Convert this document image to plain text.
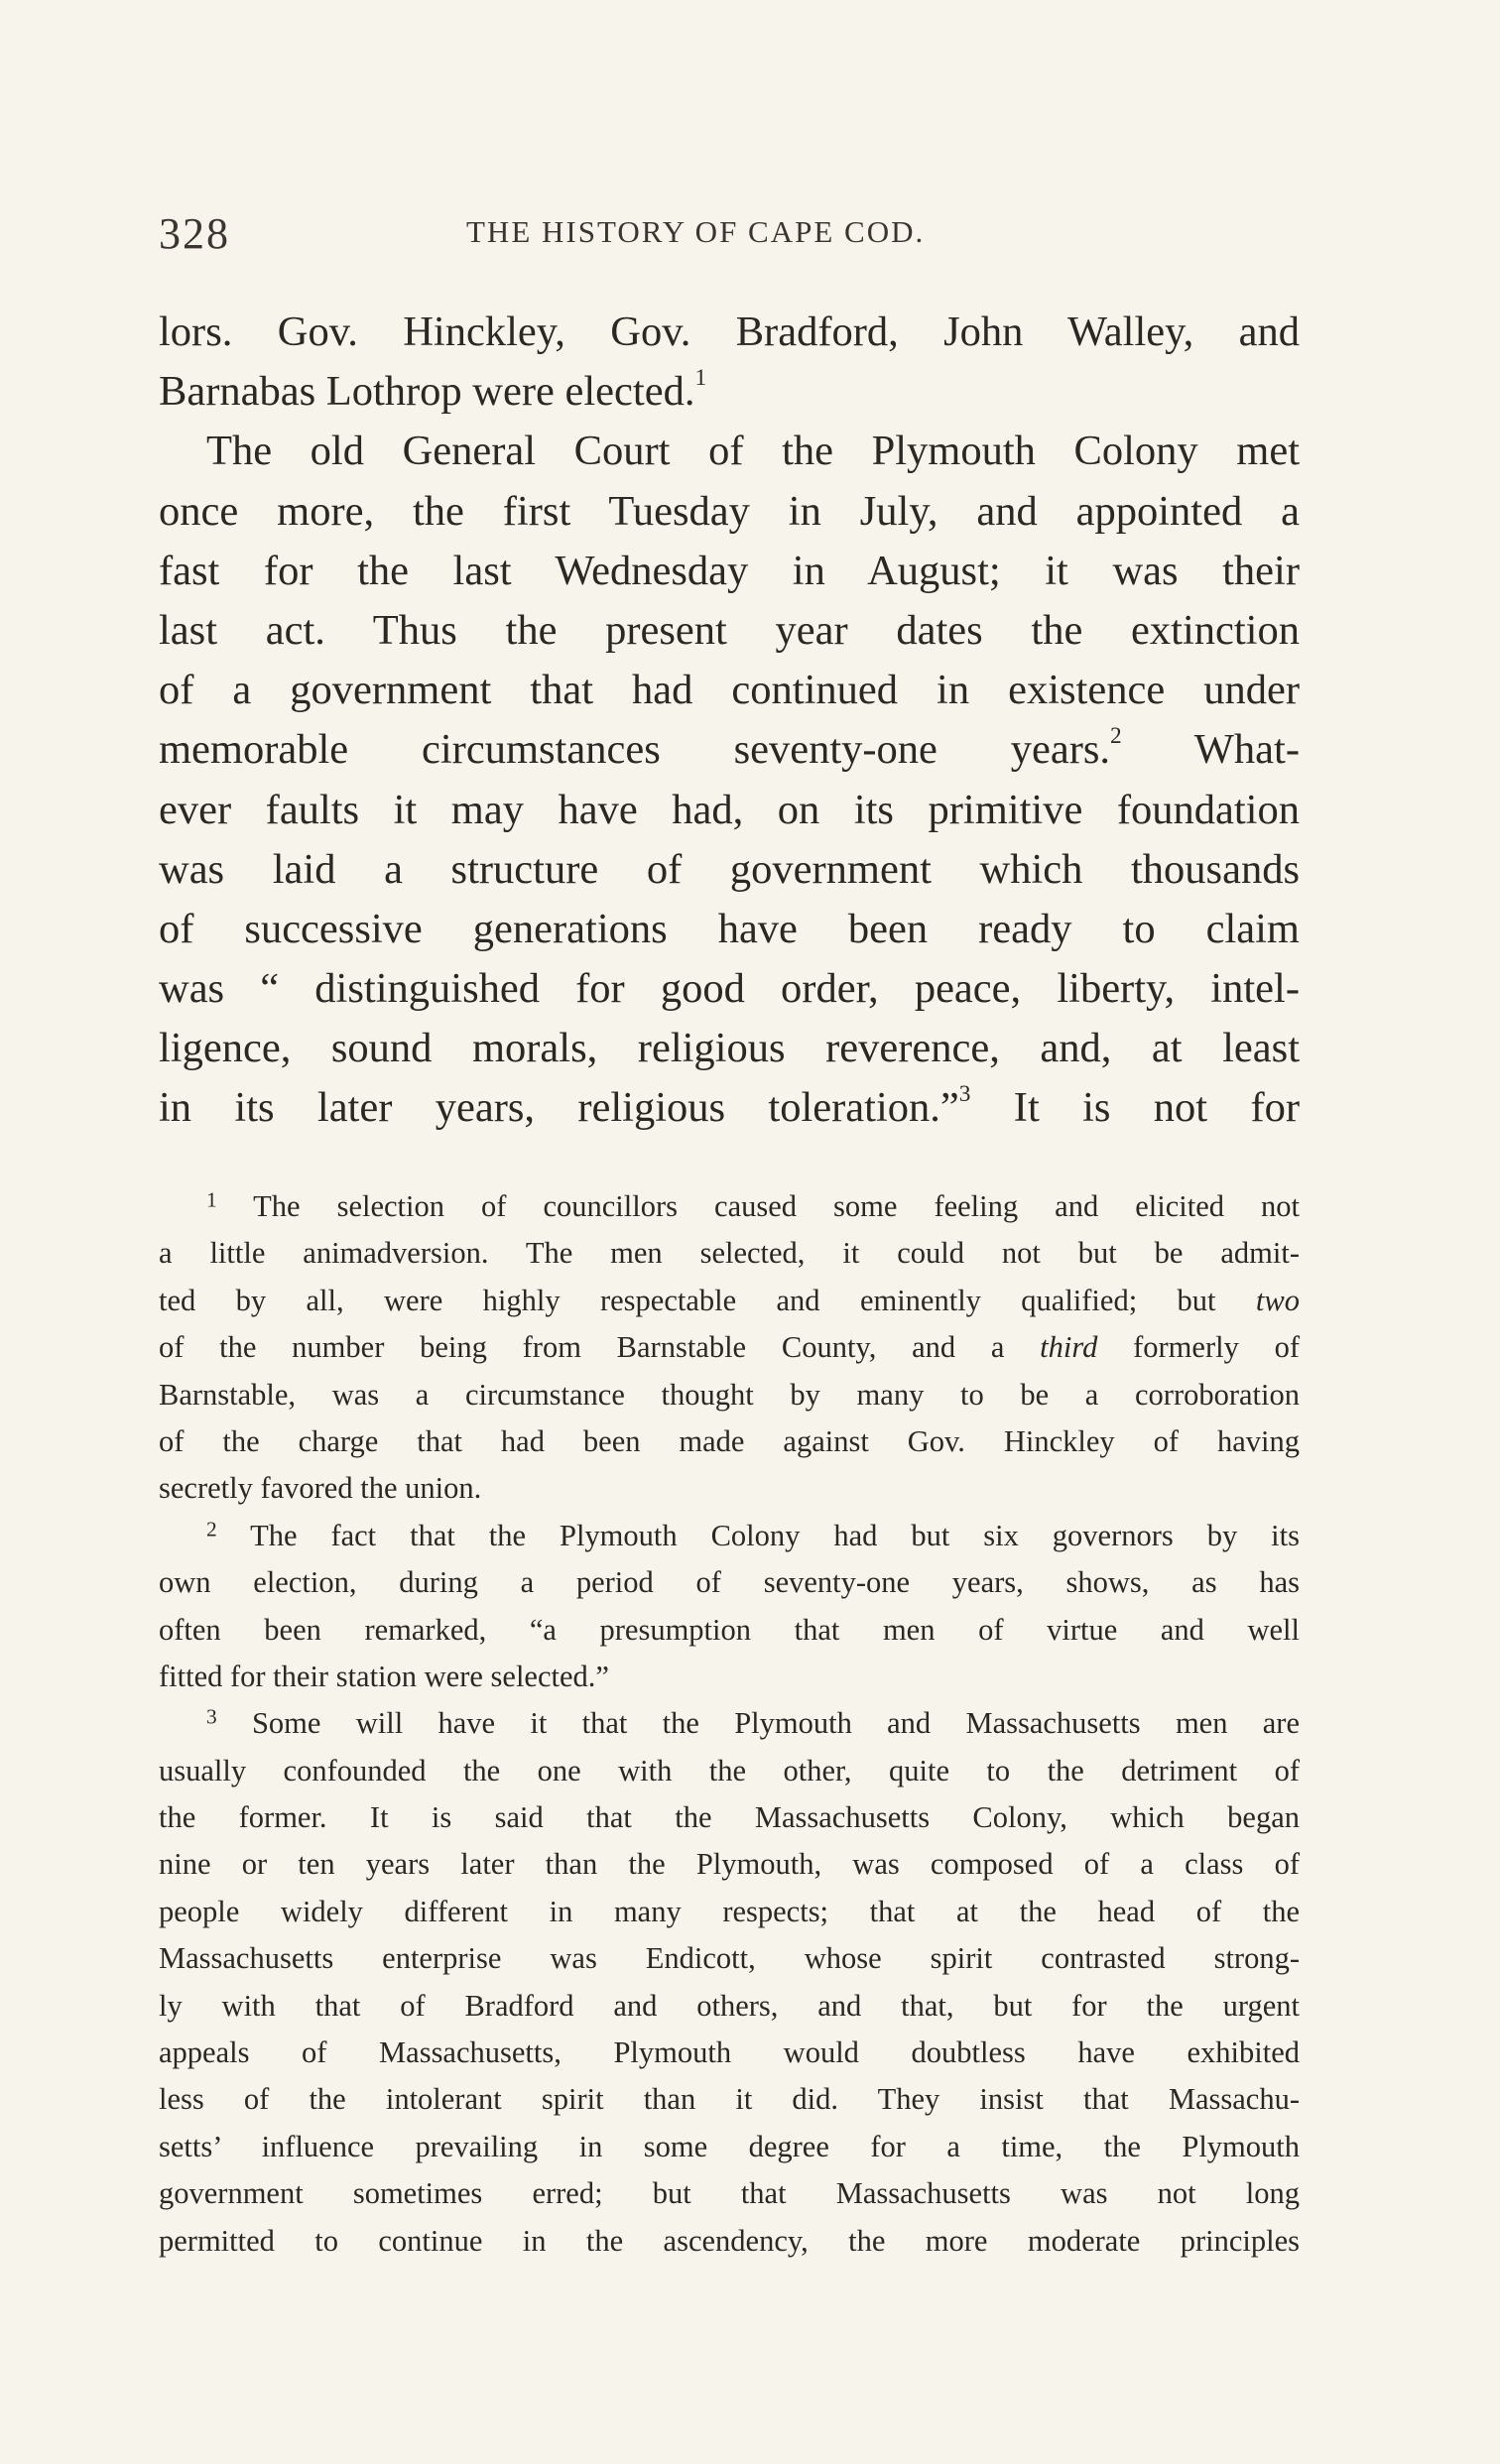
328	THE HISTORY OF CAPE COD.
lors. Gov. Hinckley, Gov. Bradford, John Walley, and
Barnabas Lothrop were elected.$^1$
The old General Court of the Plymouth Colony met
once more, the first Tuesday in July, and appointed a
fast for the last Wednesday in August; it was their
last act. Thus the present year dates the extinction
of a government that had continued in existence under
memorable circumstances seventy-one years.$^2$ What-
ever faults it may have had, on its primitive foundation
was laid a structure of government which thousands
of successive generations have been ready to claim
was “ distinguished for good order, peace, liberty, intel-
ligence, sound morals, religious reverence, and, at least
in its later years, religious toleration.”$^3$ It is not for
$^1$ The selection of councillors caused some feeling and elicited not
a little animadversion. The men selected, it could not but be admit-
ted by all, were highly respectable and eminently qualified; but two
of the number being from Barnstable County, and a third formerly of
Barnstable, was a circumstance thought by many to be a corroboration
of the charge that had been made against Gov. Hinckley of having
secretly favored the union.
$^2$ The fact that the Plymouth Colony had but six governors by its
own election, during a period of seventy-one years, shows, as has
often been remarked, “a presumption that men of virtue and well
fitted for their station were selected.”
$^3$ Some will have it that the Plymouth and Massachusetts men are
usually confounded the one with the other, quite to the detriment of
the former. It is said that the Massachusetts Colony, which began
nine or ten years later than the Plymouth, was composed of a class of
people widely different in many respects; that at the head of the
Massachusetts enterprise was Endicott, whose spirit contrasted strong-
ly with that of Bradford and others, and that, but for the urgent
appeals of Massachusetts, Plymouth would doubtless have exhibited
less of the intolerant spirit than it did. They insist that Massachu-
setts’ influence prevailing in some degree for a time, the Plymouth
government sometimes erred; but that Massachusetts was not long
permitted to continue in the ascendency, the more moderate principles
